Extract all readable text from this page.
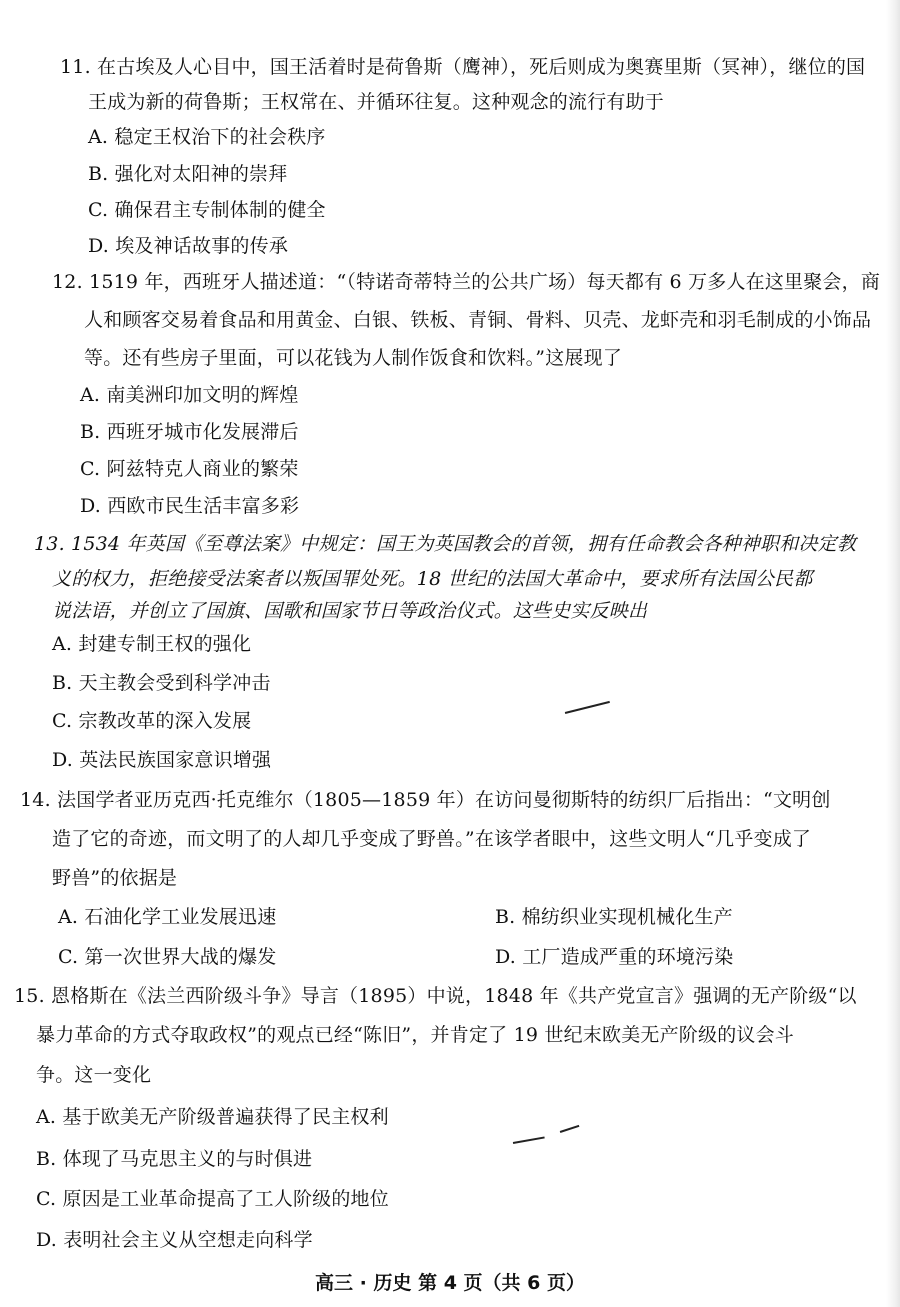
11. 在古埃及人心目中，国王活着时是荷鲁斯（鹰神），死后则成为奥赛里斯（冥神），继位的国
王成为新的荷鲁斯；王权常在、并循环往复。这种观念的流行有助于
A. 稳定王权治下的社会秩序
B. 强化对太阳神的崇拜
C. 确保君主专制体制的健全
D. 埃及神话故事的传承
12. 1519 年，西班牙人描述道：“（特诺奇蒂特兰的公共广场）每天都有 6 万多人在这里聚会，商
人和顾客交易着食品和用黄金、白银、铁板、青铜、骨料、贝壳、龙虾壳和羽毛制成的小饰品
等。还有些房子里面，可以花钱为人制作饭食和饮料。”这展现了
A. 南美洲印加文明的辉煌
B. 西班牙城市化发展滞后
C. 阿兹特克人商业的繁荣
D. 西欧市民生活丰富多彩
13. 1534 年英国《至尊法案》中规定：国王为英国教会的首领，拥有任命教会各种神职和决定教
义的权力，拒绝接受法案者以叛国罪处死。18 世纪的法国大革命中，要求所有法国公民都
说法语，并创立了国旗、国歌和国家节日等政治仪式。这些史实反映出
A. 封建专制王权的强化
B. 天主教会受到科学冲击
C. 宗教改革的深入发展
D. 英法民族国家意识增强
14. 法国学者亚历克西·托克维尔（1805—1859 年）在访问曼彻斯特的纺织厂后指出：“文明创
造了它的奇迹，而文明了的人却几乎变成了野兽。”在该学者眼中，这些文明人“几乎变成了
野兽”的依据是
A. 石油化学工业发展迅速	B. 棉纺织业实现机械化生产
C. 第一次世界大战的爆发	D. 工厂造成严重的环境污染
15. 恩格斯在《法兰西阶级斗争》导言（1895）中说，1848 年《共产党宣言》强调的无产阶级“以
暴力革命的方式夺取政权”的观点已经“陈旧”，并肯定了 19 世纪末欧美无产阶级的议会斗
争。这一变化
A. 基于欧美无产阶级普遍获得了民主权利
B. 体现了马克思主义的与时俱进
C. 原因是工业革命提高了工人阶级的地位
D. 表明社会主义从空想走向科学
高三 · 历史 第 4 页（共 6 页）
